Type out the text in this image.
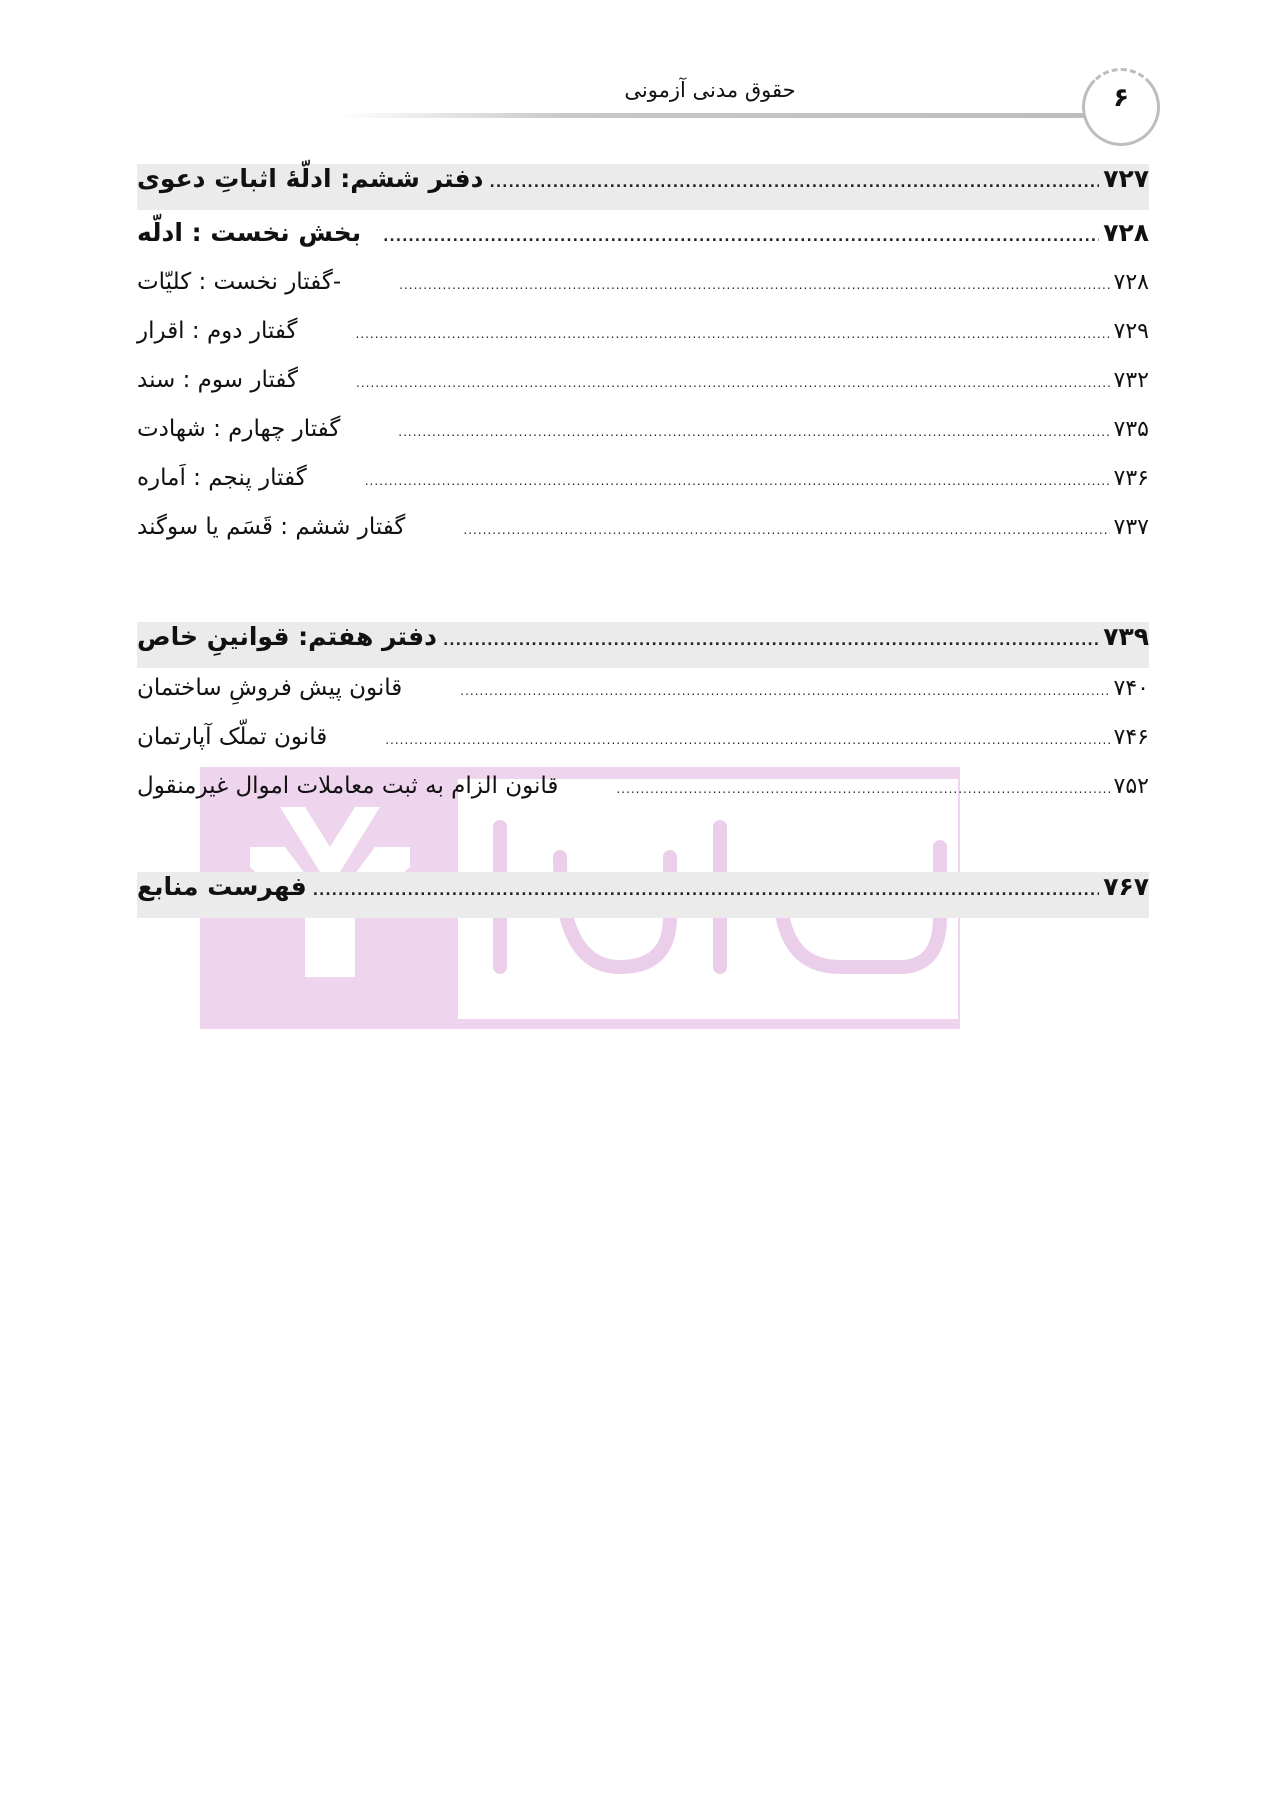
حقوق مدنی آزمونی	۶
دفتر ششم: ادلّهٔ اثباتِ دعوی .....	۷۲۷
بخش نخست : ادلّه .....	۷۲۸
-گفتار نخست : کلیّات .....	۷۲۸
گفتار دوم : اقرار .....	۷۲۹
گفتار سوم : سند .....	۷۳۲
گفتار چهارم : شهادت .....	۷۳۵
گفتار پنجم : اَماره .....	۷۳۶
گفتار ششم : قَسَم یا سوگند .....	۷۳۷
دفتر هفتم: قوانینِ خاص .....	۷۳۹
قانون پیش فروشِ ساختمان .....	۷۴۰
قانون تملّک آپارتمان .....	۷۴۶
قانون الزام به ثبت معاملات اموال غیرمنقول .....	۷۵۲
فهرست منابع .....	۷۶۷
